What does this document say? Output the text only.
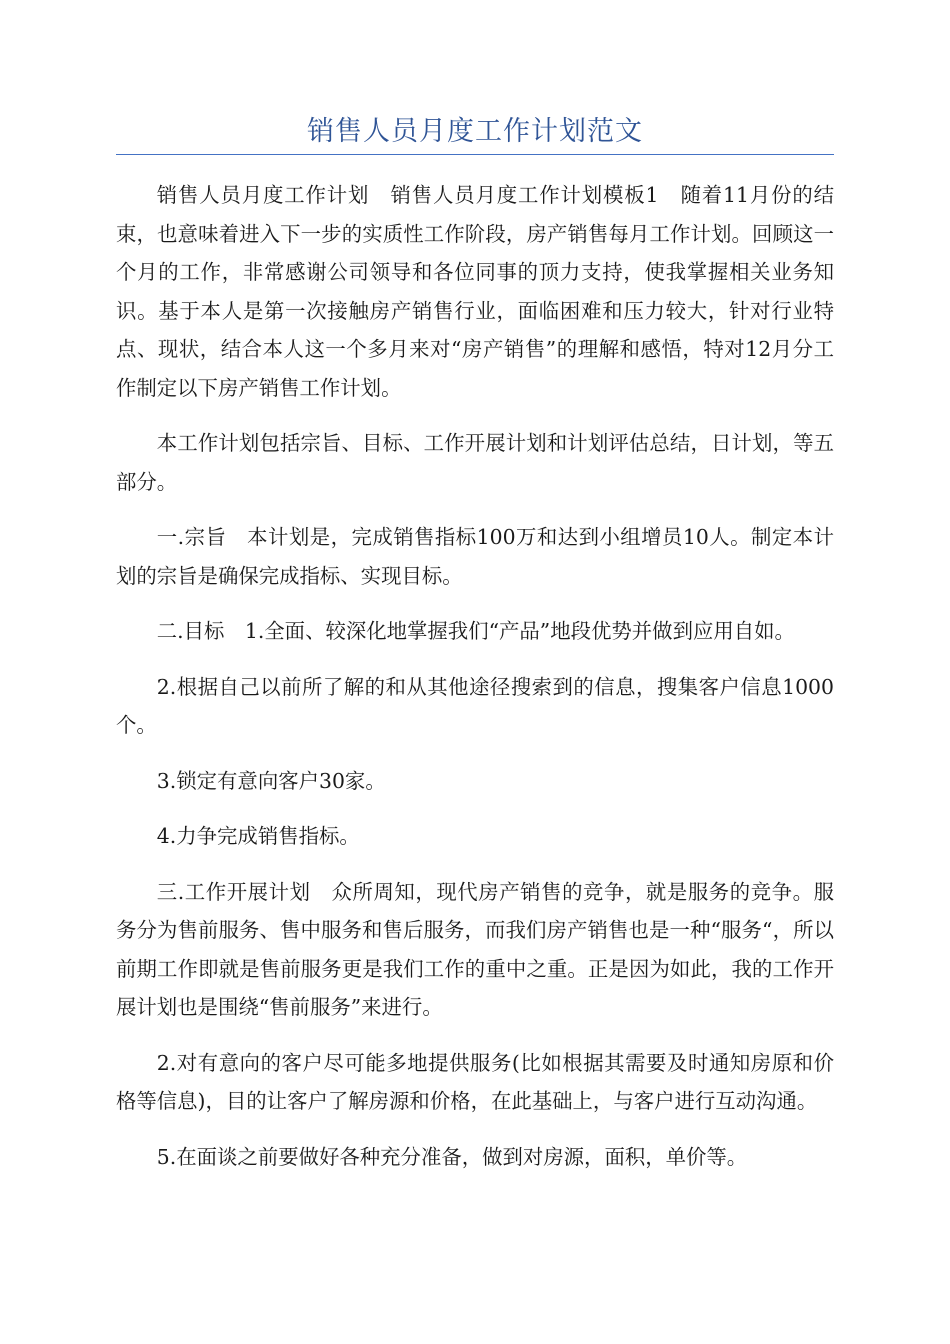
销售人员月度工作计划范文

销售人员月度工作计划　销售人员月度工作计划模板1　随着11月份的结束，也意味着进入下一步的实质性工作阶段，房产销售每月工作计划。回顾这一个月的工作，非常感谢公司领导和各位同事的顶力支持，使我掌握相关业务知识。基于本人是第一次接触房产销售行业，面临困难和压力较大，针对行业特点、现状，结合本人这一个多月来对“房产销售”的理解和感悟，特对12月分工作制定以下房产销售工作计划。

本工作计划包括宗旨、目标、工作开展计划和计划评估总结，日计划，等五部分。

一.宗旨　本计划是，完成销售指标100万和达到小组增员10人。制定本计划的宗旨是确保完成指标、实现目标。

二.目标　1.全面、较深化地掌握我们“产品”地段优势并做到应用自如。

2.根据自己以前所了解的和从其他途径搜索到的信息，搜集客户信息1000个。

3.锁定有意向客户30家。

4.力争完成销售指标。

三.工作开展计划　众所周知，现代房产销售的竞争，就是服务的竞争。服务分为售前服务、售中服务和售后服务，而我们房产销售也是一种“服务“，所以前期工作即就是售前服务更是我们工作的重中之重。正是因为如此，我的工作开展计划也是围绕“售前服务”来进行。

2.对有意向的客户尽可能多地提供服务(比如根据其需要及时通知房原和价格等信息)，目的让客户了解房源和价格，在此基础上，与客户进行互动沟通。

5.在面谈之前要做好各种充分准备，做到对房源，面积，单价等。
